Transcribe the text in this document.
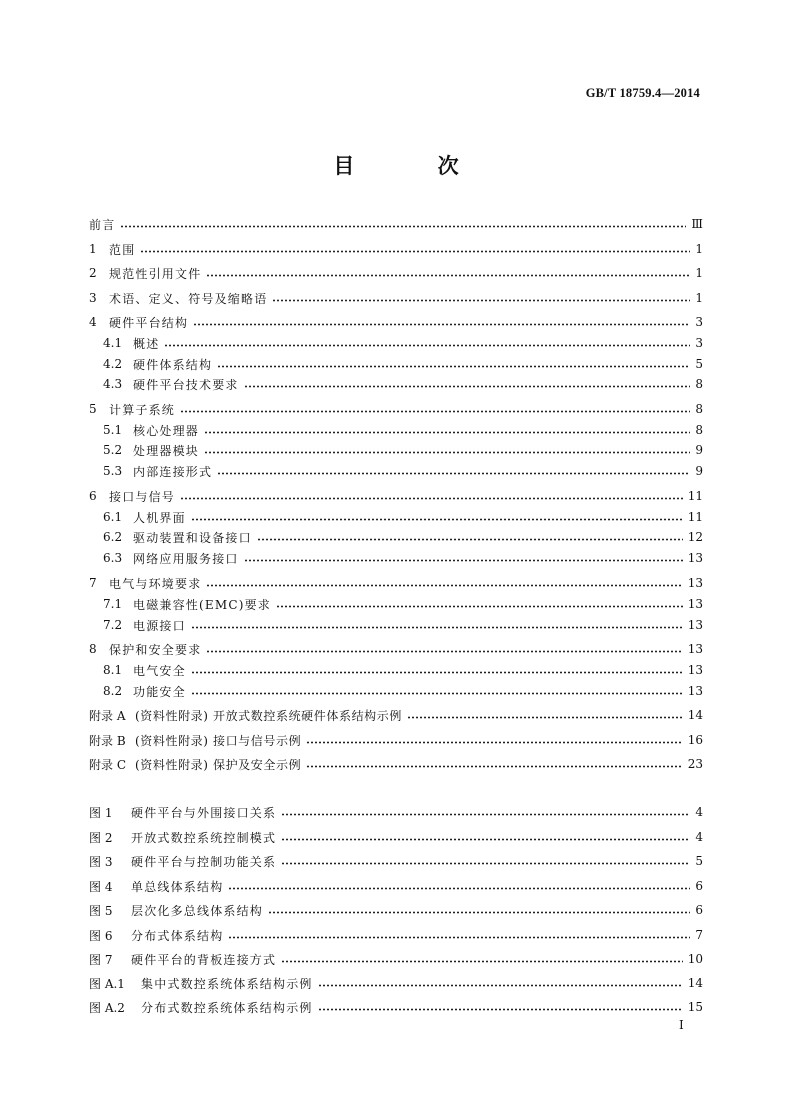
GB/T 18759.4—2014
目 次
前言	Ⅲ
1	范围	1
2	规范性引用文件	1
3	术语、定义、符号及缩略语	1
4	硬件平台结构	3
4.1 概述	3
4.2 硬件体系结构	5
4.3 硬件平台技术要求	8
5	计算子系统	8
5.1 核心处理器	8
5.2 处理器模块	9
5.3 内部连接形式	9
6	接口与信号	11
6.1 人机界面	11
6.2 驱动装置和设备接口	12
6.3 网络应用服务接口	13
7	电气与环境要求	13
7.1 电磁兼容性(EMC)要求	13
7.2 电源接口	13
8	保护和安全要求	13
8.1 电气安全	13
8.2 功能安全	13
附录 A (资料性附录) 开放式数控系统硬件体系结构示例	14
附录 B (资料性附录) 接口与信号示例	16
附录 C (资料性附录) 保护及安全示例	23
图 1	硬件平台与外围接口关系	4
图 2	开放式数控系统控制模式	4
图 3	硬件平台与控制功能关系	5
图 4	单总线体系结构	6
图 5	层次化多总线体系结构	6
图 6	分布式体系结构	7
图 7	硬件平台的背板连接方式	10
图 A.1	集中式数控系统体系结构示例	14
图 A.2	分布式数控系统体系结构示例	15
Ⅰ
